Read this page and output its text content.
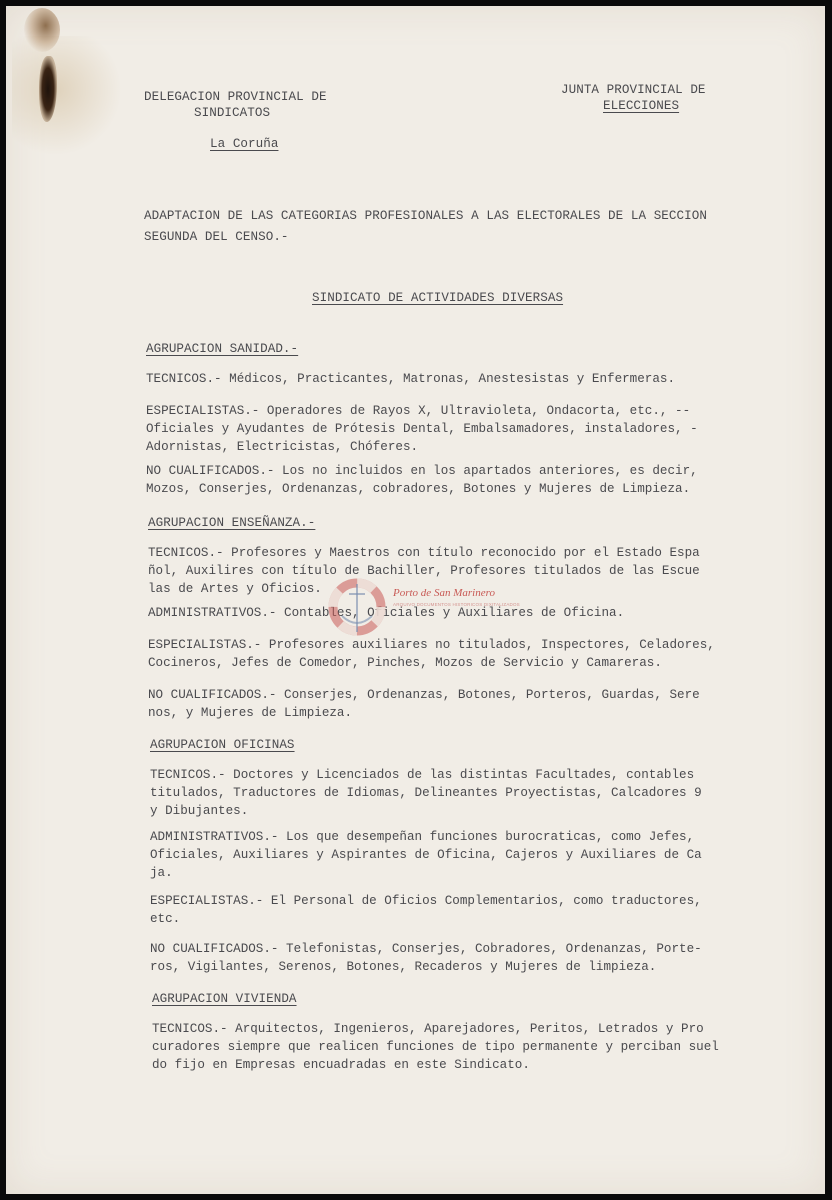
DELEGACION PROVINCIAL DE
SINDICATOS
La Coruña
JUNTA PROVINCIAL DE
ELECCIONES
ADAPTACION DE LAS CATEGORIAS PROFESIONALES A LAS ELECTORALES DE LA SECCION
SEGUNDA DEL CENSO.-
SINDICATO DE ACTIVIDADES DIVERSAS
AGRUPACION SANIDAD.-
TECNICOS.- Médicos, Practicantes, Matronas, Anestesistas y Enfermeras.
ESPECIALISTAS.- Operadores de Rayos X, Ultravioleta, Ondacorta, etc., --
Oficiales y Ayudantes de Prótesis Dental, Embalsamadores, instaladores, -
Adornistas, Electricistas, Chóferes.
NO CUALIFICADOS.- Los no incluidos en los apartados anteriores, es decir,
Mozos, Conserjes, Ordenanzas, cobradores, Botones y Mujeres de Limpieza.
AGRUPACION ENSEÑANZA.-
TECNICOS.- Profesores y Maestros con título reconocido por el Estado Espa
ñol, Auxilires con título de Bachiller, Profesores titulados de las Escue
las de Artes y Oficios.
ADMINISTRATIVOS.- Contables, Oficiales y Auxiliares de Oficina.
ESPECIALISTAS.- Profesores auxiliares no titulados, Inspectores, Celadores,
Cocineros, Jefes de Comedor, Pinches, Mozos de Servicio y Camareras.
NO CUALIFICADOS.- Conserjes, Ordenanzas, Botones, Porteros, Guardas, Sere
nos, y Mujeres de Limpieza.
AGRUPACION OFICINAS
TECNICOS.- Doctores y Licenciados de las distintas Facultades, contables
titulados, Traductores de Idiomas, Delineantes Proyectistas, Calcadores 9
y Dibujantes.
ADMINISTRATIVOS.- Los que desempeñan funciones burocraticas, como Jefes,
Oficiales, Auxiliares y Aspirantes de Oficina, Cajeros y Auxiliares de Ca
ja.
ESPECIALISTAS.- El Personal de Oficios Complementarios, como traductores,
etc.
NO CUALIFICADOS.- Telefonistas, Conserjes, Cobradores, Ordenanzas, Porte-
ros, Vigilantes, Serenos, Botones, Recaderos y Mujeres de limpieza.
AGRUPACION VIVIENDA
TECNICOS.- Arquitectos, Ingenieros, Aparejadores, Peritos, Letrados y Pro
curadores siempre que realicen funciones de tipo permanente y perciban suel
do fijo en Empresas encuadradas en este Sindicato.
Porto de San Marinero
ARQUIVO DOCUMENTOS HISTORICOS DIXITALIZADOS
